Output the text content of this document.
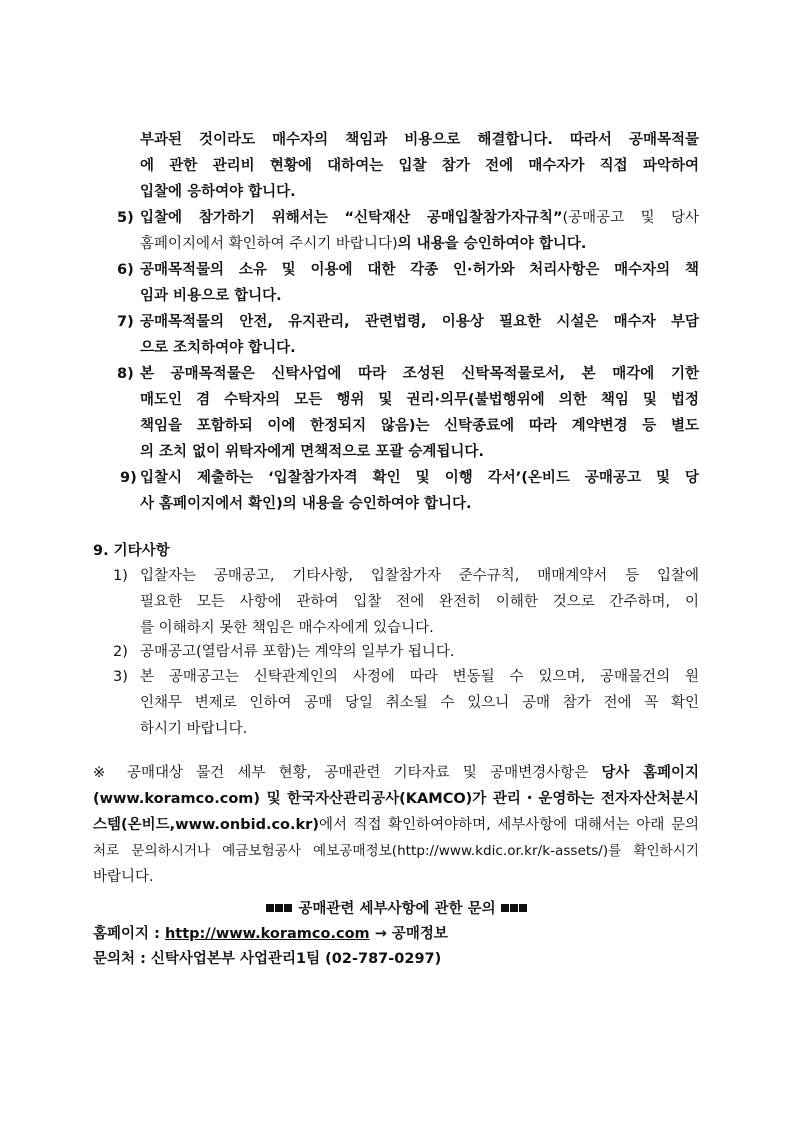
부과된 것이라도 매수자의 책임과 비용으로 해결합니다. 따라서 공매목적물
에 관한 관리비 현황에 대하여는 입찰 참가 전에 매수자가 직접 파악하여
입찰에 응하여야 합니다.
5) 입찰에 참가하기 위해서는 “신탁재산 공매입찰참가자규칙”(공매공고 및 당사
홈페이지에서 확인하여 주시기 바랍니다)의 내용을 승인하여야 합니다.
6) 공매목적물의 소유 및 이용에 대한 각종 인·허가와 처리사항은 매수자의 책
임과 비용으로 합니다.
7) 공매목적물의 안전, 유지관리, 관련법령, 이용상 필요한 시설은 매수자 부담
으로 조치하여야 합니다.
8) 본 공매목적물은 신탁사업에 따라 조성된 신탁목적물로서, 본 매각에 기한
매도인 겸 수탁자의 모든 행위 및 권리·의무(불법행위에 의한 책임 및 법정
책임을 포함하되 이에 한정되지 않음)는 신탁종료에 따라 계약변경 등 별도
의 조치 없이 위탁자에게 면책적으로 포괄 승계됩니다.
9) 입찰시 제출하는 ‘입찰참가자격 확인 및 이행 각서’(온비드 공매공고 및 당
사 홈페이지에서 확인)의 내용을 승인하여야 합니다.
9. 기타사항
1) 입찰자는 공매공고, 기타사항, 입찰참가자 준수규칙, 매매계약서 등 입찰에
필요한 모든 사항에 관하여 입찰 전에 완전히 이해한 것으로 간주하며, 이
를 이해하지 못한 책임은 매수자에게 있습니다.
2) 공매공고(열람서류 포함)는 계약의 일부가 됩니다.
3) 본 공매공고는 신탁관계인의 사정에 따라 변동될 수 있으며, 공매물건의 원
인채무 변제로 인하여 공매 당일 취소될 수 있으니 공매 참가 전에 꼭 확인
하시기 바랍니다.
※ 공매대상 물건 세부 현황, 공매관련 기타자료 및 공매변경사항은 당사 홈페이지
(www.koramco.com) 및 한국자산관리공사(KAMCO)가 관리・운영하는 전자자산처분시
스템(온비드,www.onbid.co.kr)에서 직접 확인하여야하며, 세부사항에 대해서는 아래 문의
처로 문의하시거나 예금보험공사 예보공매정보(http://www.kdic.or.kr/k-assets/)를 확인하시기
바랍니다.
공매관련 세부사항에 관한 문의
홈페이지 : http://www.koramco.com → 공매정보
문의처 : 신탁사업본부 사업관리1팀 (02-787-0297)
